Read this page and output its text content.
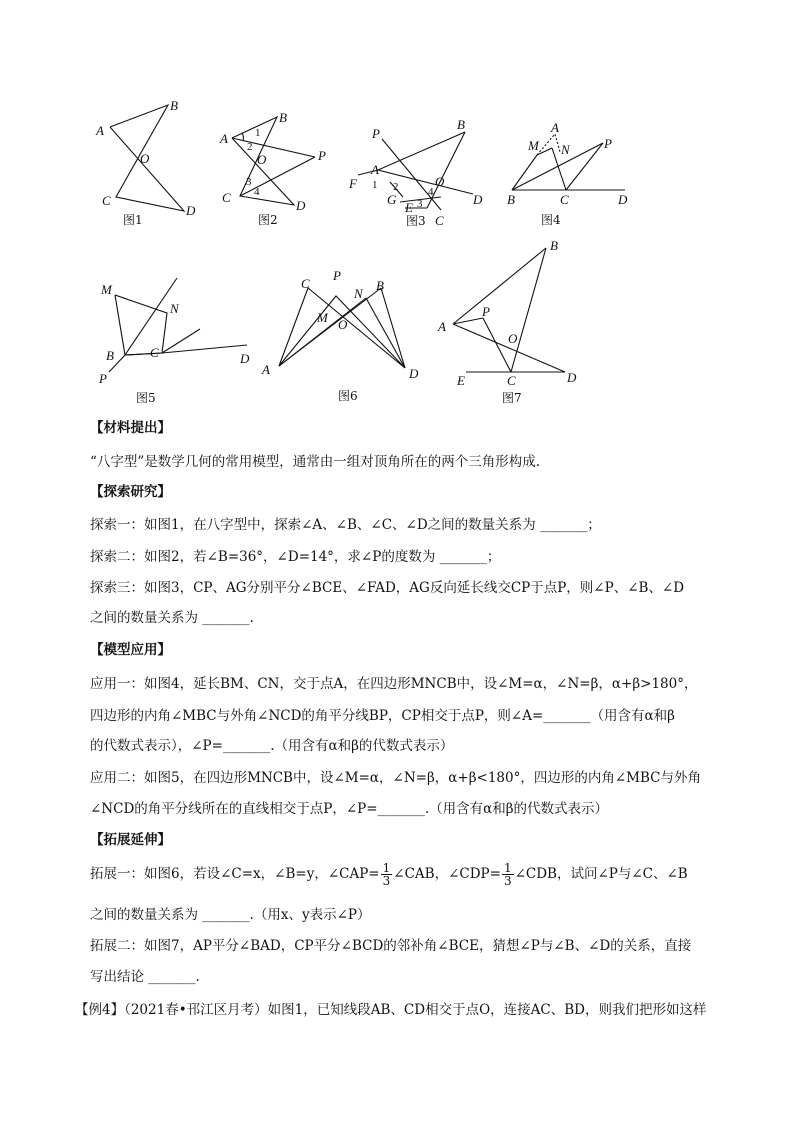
A
B
O
C
D
图1
A
B
O
C
D
P
1
2
3
4
图2
P
A
F
G
O
E
C
D
B
1 2
3
4
图3
A
M N	P
B	C	D
图4
M
N
B	C	D
P
图5
C
P
N
B
M O
A	D
图6
B
A
P
O
E	C	D
图7
【材料提出】
“八字型”是数学几何的常用模型，通常由一组对顶角所在的两个三角形构成.
【探索研究】
探索一：如图1，在八字型中，探索∠A、∠B、∠C、∠D之间的数量关系为 _______；
探索二：如图2，若∠B=36°，∠D=14°，求∠P的度数为 _______；
探索三：如图3，CP、AG分别平分∠BCE、∠FAD，AG反向延长线交CP于点P，则∠P、∠B、∠D
之间的数量关系为 _______.
【模型应用】
应用一：如图4，延长BM、CN，交于点A，在四边形MNCB中，设∠M=α，∠N=β，α+β>180°，
四边形的内角∠MBC与外角∠NCD的角平分线BP，CP相交于点P，则∠A=_______（用含有α和β
的代数式表示），∠P=_______.（用含有α和β的代数式表示）
应用二：如图5，在四边形MNCB中，设∠M=α，∠N=β，α+β<180°，四边形的内角∠MBC与外角
∠NCD的角平分线所在的直线相交于点P，∠P=_______.（用含有α和β的代数式表示）
【拓展延伸】
拓展一：如图6，若设∠C=x，∠B=y，∠CAP= $\frac{1}{3}$ ∠CAB，∠CDP= $\frac{1}{3}$ ∠CDB，试问∠P与∠C、∠B
之间的数量关系为 _______.（用x、y表示∠P）
拓展二：如图7，AP平分∠BAD，CP平分∠BCD的邻补角∠BCE，猜想∠P与∠B、∠D的关系，直接
写出结论 _______.
【例4】（2021春•邗江区月考）如图1，已知线段AB、CD相交于点O，连接AC、BD，则我们把形如这样
